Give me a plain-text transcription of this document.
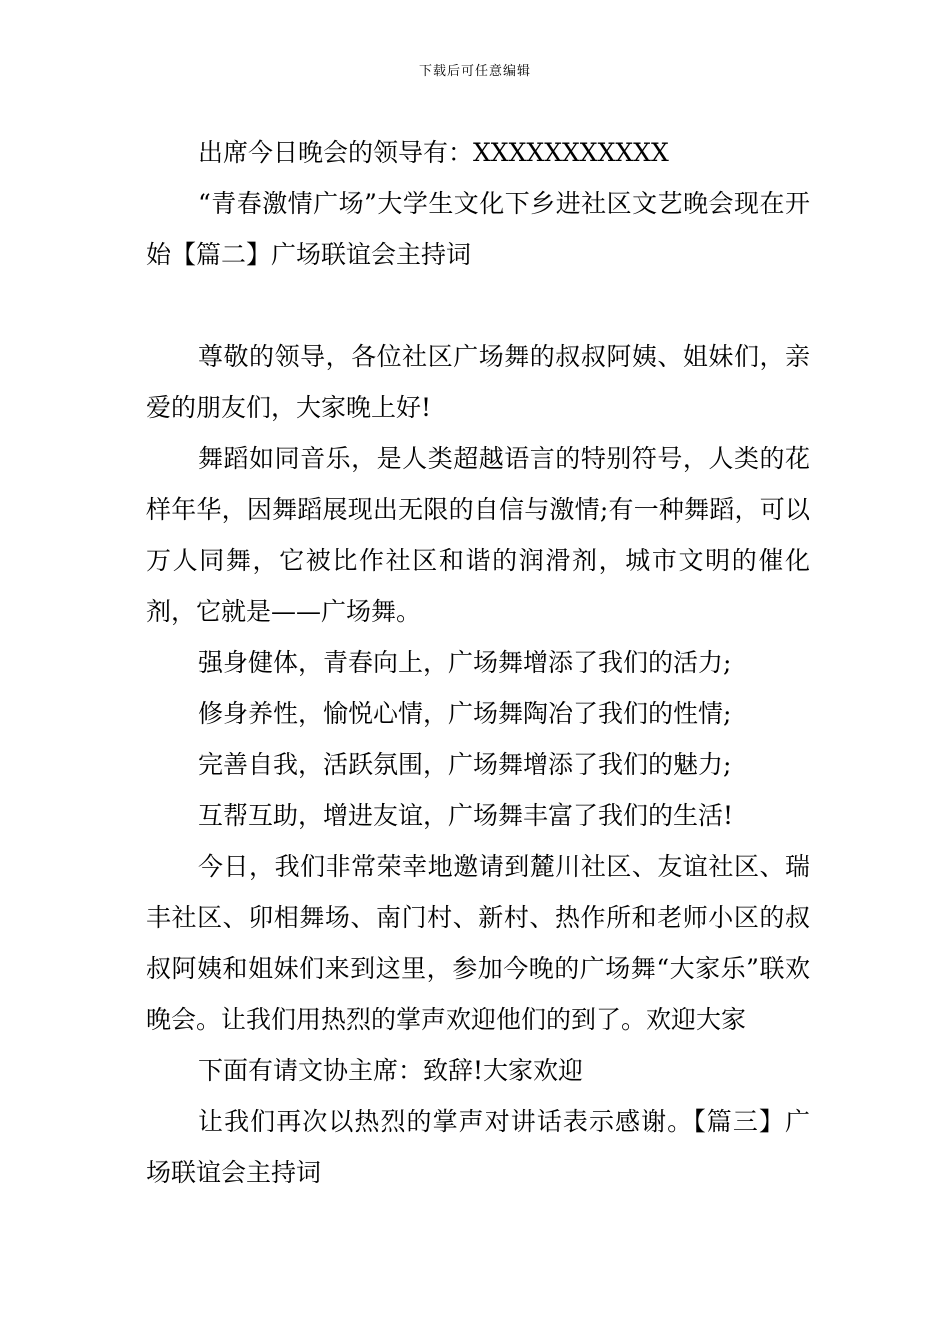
下载后可任意编辑

出席今日晚会的领导有：XXXXXXXXXXX

“青春激情广场”大学生文化下乡进社区文艺晚会现在开始【篇二】广场联谊会主持词

尊敬的领导，各位社区广场舞的叔叔阿姨、姐妹们，亲爱的朋友们，大家晚上好!

舞蹈如同音乐，是人类超越语言的特别符号，人类的花样年华，因舞蹈展现出无限的自信与激情;有一种舞蹈，可以万人同舞，它被比作社区和谐的润滑剂，城市文明的催化剂，它就是——广场舞。

强身健体，青春向上，广场舞增添了我们的活力;

修身养性，愉悦心情，广场舞陶冶了我们的性情;

完善自我，活跃氛围，广场舞增添了我们的魅力;

互帮互助，增进友谊，广场舞丰富了我们的生活!

今日，我们非常荣幸地邀请到麓川社区、友谊社区、瑞丰社区、卯相舞场、南门村、新村、热作所和老师小区的叔叔阿姨和姐妹们来到这里，参加今晚的广场舞“大家乐”联欢晚会。让我们用热烈的掌声欢迎他们的到了。欢迎大家

下面有请文协主席：致辞!大家欢迎

让我们再次以热烈的掌声对讲话表示感谢。【篇三】广场联谊会主持词
